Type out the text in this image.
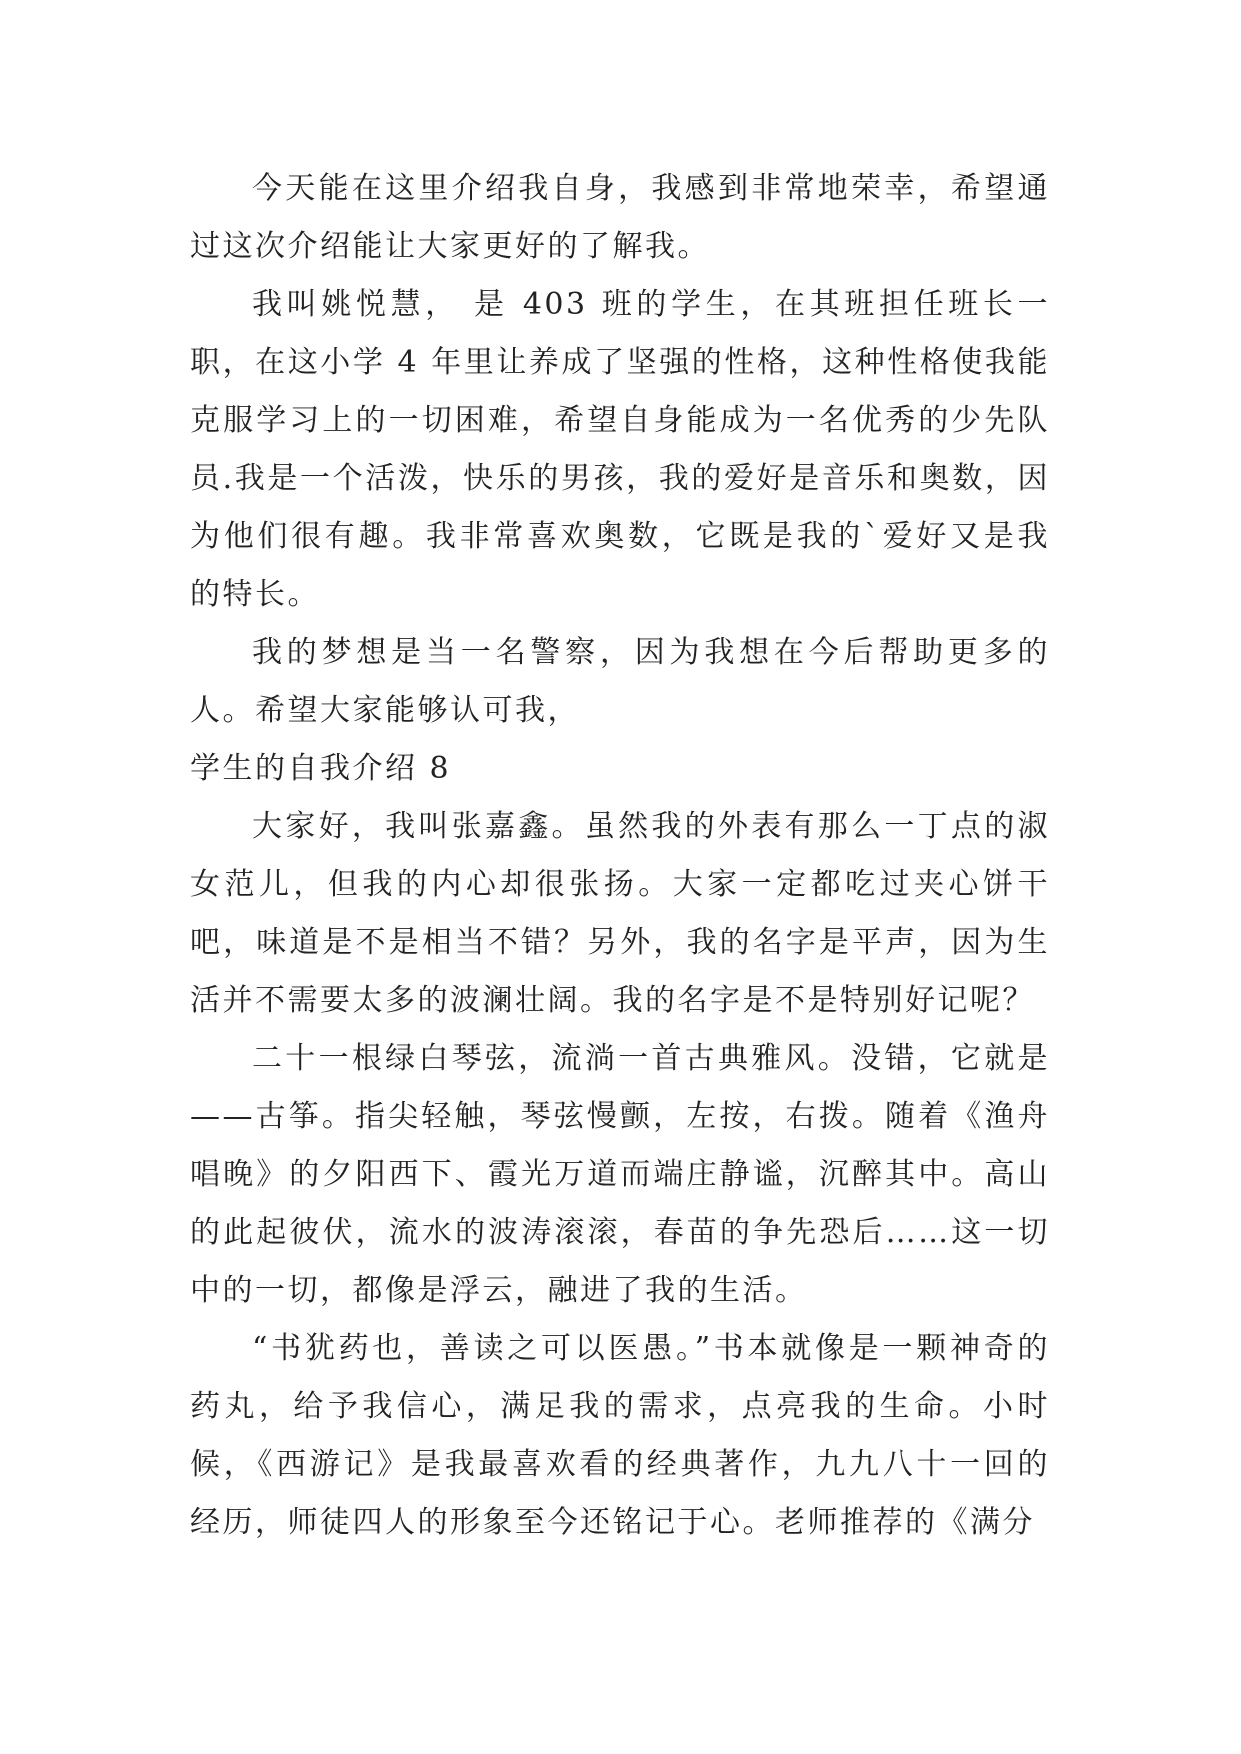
今天能在这里介绍我自身，我感到非常地荣幸，希望通过这次介绍能让大家更好的了解我。

我叫姚悦慧， 是 403 班的学生，在其班担任班长一职，在这小学 4 年里让养成了坚强的性格，这种性格使我能克服学习上的一切困难，希望自身能成为一名优秀的少先队员.我是一个活泼，快乐的男孩，我的爱好是音乐和奥数，因为他们很有趣。我非常喜欢奥数，它既是我的`爱好又是我的特长。

我的梦想是当一名警察，因为我想在今后帮助更多的人。希望大家能够认可我，

学生的自我介绍 8

大家好，我叫张嘉鑫。虽然我的外表有那么一丁点的淑女范儿，但我的内心却很张扬。大家一定都吃过夹心饼干吧，味道是不是相当不错？另外，我的名字是平声，因为生活并不需要太多的波澜壮阔。我的名字是不是特别好记呢？

二十一根绿白琴弦，流淌一首古典雅风。没错，它就是——古筝。指尖轻触，琴弦慢颤，左按，右拨。随着《渔舟唱晚》的夕阳西下、霞光万道而端庄静谧，沉醉其中。高山的此起彼伏，流水的波涛滚滚，春苗的争先恐后……这一切中的一切，都像是浮云，融进了我的生活。

“书犹药也，善读之可以医愚。”书本就像是一颗神奇的药丸，给予我信心，满足我的需求，点亮我的生命。小时候，《西游记》是我最喜欢看的经典著作，九九八十一回的经历，师徒四人的形象至今还铭记于心。老师推荐的《满分
